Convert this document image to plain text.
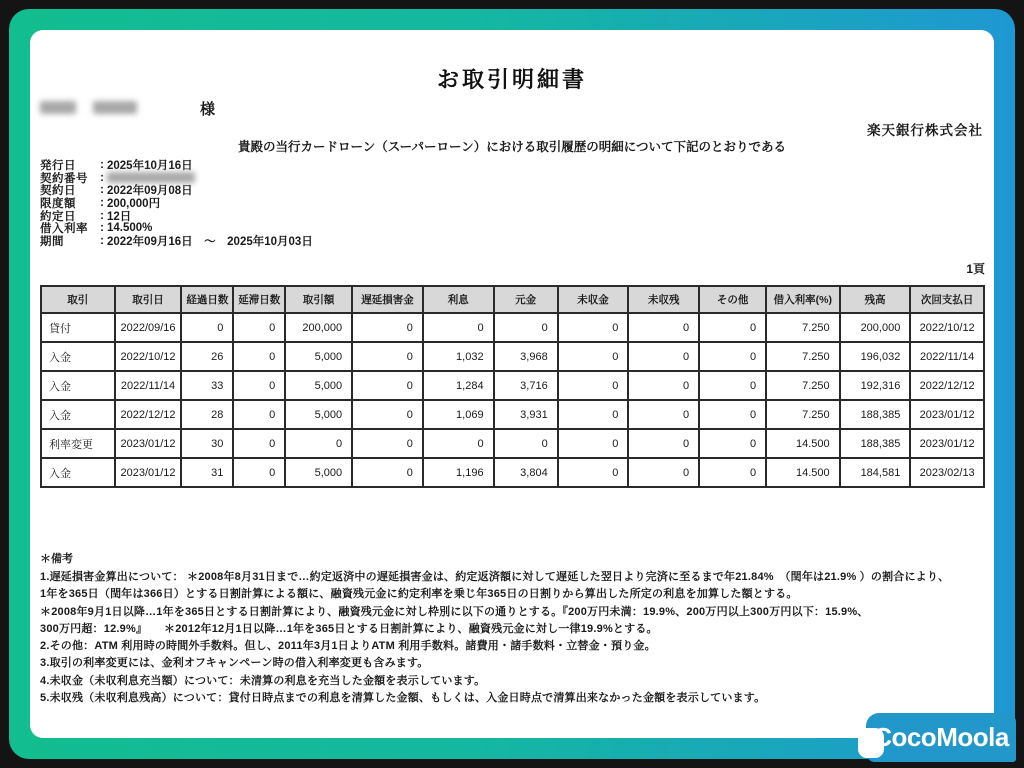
お取引明細書
様
楽天銀行株式会社
貴殿の当行カードローン（スーパーローン）における取引履歴の明細について下記のとおりである
発行日	: 2025年10月16日
契約番号	:
契約日	: 2022年09月08日
限度額	: 200,000円
約定日	: 12日
借入利率	: 14.500%
期間	: 2022年09月16日　～　2025年10月03日
1頁
取引	取引日	経過日数	延滞日数	取引額	遅延損害金	利息	元金	未収金	未収残	その他	借入利率(%)	残高	次回支払日
貸付	2022/09/16	0	0	200,000	0	0	0	0	0	0	7.250	200,000	2022/10/12
入金	2022/10/12	26	0	5,000	0	1,032	3,968	0	0	0	7.250	196,032	2022/11/14
入金	2022/11/14	33	0	5,000	0	1,284	3,716	0	0	0	7.250	192,316	2022/12/12
入金	2022/12/12	28	0	5,000	0	1,069	3,931	0	0	0	7.250	188,385	2023/01/12
利率変更	2023/01/12	30	0	0	0	0	0	0	0	0	14.500	188,385	2023/01/12
入金	2023/01/12	31	0	5,000	0	1,196	3,804	0	0	0	14.500	184,581	2023/02/13
＊備考
1.遅延損害金算出について： ＊2008年8月31日まで…約定返済中の遅延損害金は、約定返済額に対して遅延した翌日より完済に至るまで年21.84%　（閏年は21.9% ）の割合により、
1年を365日（閏年は366日）とする日割計算による額に、融資残元金に約定利率を乗じ年365日の日割りから算出した所定の利息を加算した額とする。
＊2008年9月1日以降…1年を365日とする日割計算により、融資残元金に対し枠別に以下の通りとする。『200万円未満：19.9%、200万円以上300万円以下：15.9%、
300万円超：12.9%』　　＊2012年12月1日以降…1年を365日とする日割計算により、融資残元金に対し一律19.9%とする。
2.その他：ATM 利用時の時間外手数料。但し、2011年3月1日よりATM 利用手数料。諸費用・諸手数料・立替金・預り金。
3.取引の利率変更には、金利オフキャンペーン時の借入利率変更も含みます。
4.未収金（未収利息充当額）について：未清算の利息を充当した金額を表示しています。
5.未収残（未収利息残高）について：貸付日時点までの利息を清算した金額、もしくは、入金日時点で清算出来なかった金額を表示しています。
CocoMoola
